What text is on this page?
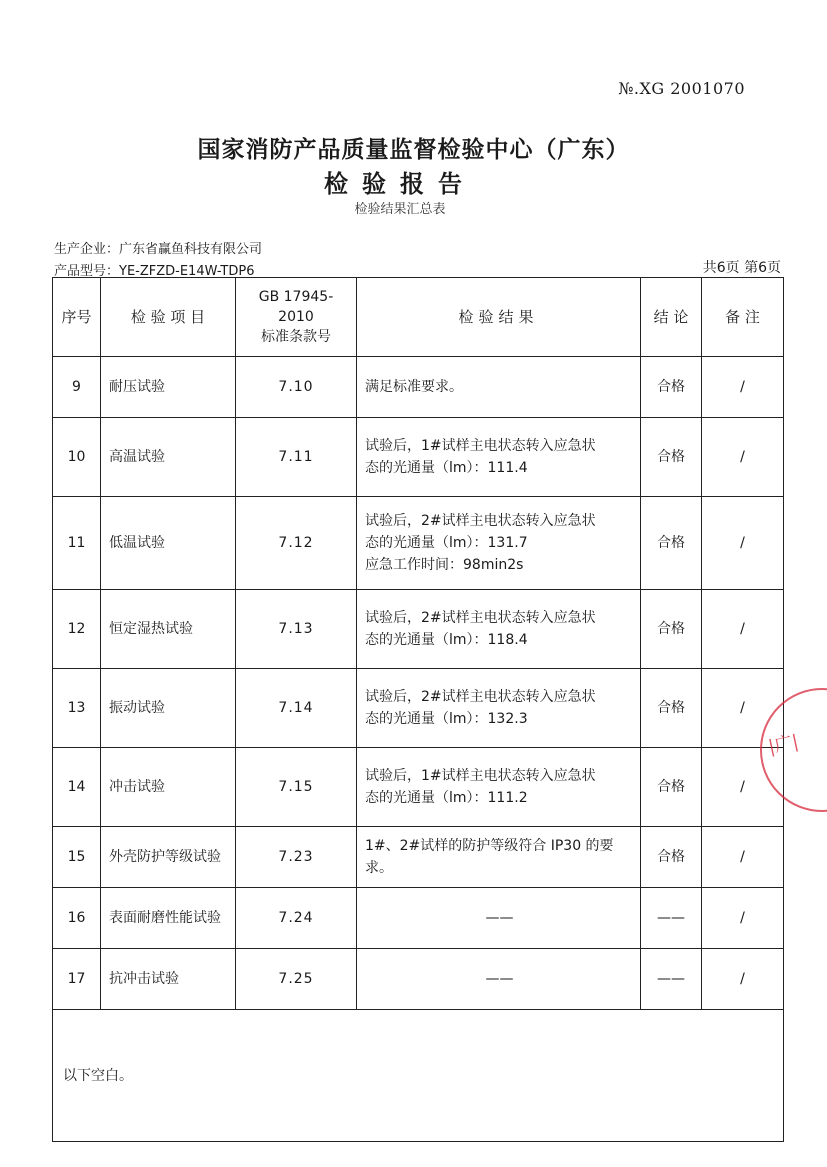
№.XG 2001070
国家消防产品质量监督检验中心（广东）
检验报告
检验结果汇总表
生产企业：广东省赢鱼科技有限公司
产品型号：YE-ZFZD-E14W-TDP6	共6页 第6页
序号	检 验 项 目	GB 17945-2010
标准条款号	检验结果	结 论	备 注
9	耐压试验	7.10	满足标准要求。	合格	/
10	高温试验	7.11	试验后，1#试样主电状态转入应急状
态的光通量（lm）：111.4	合格	/
11	低温试验	7.12	试验后，2#试样主电状态转入应急状
态的光通量（lm）：131.7
应急工作时间：98min2s	合格	/
12	恒定湿热试验	7.13	试验后，2#试样主电状态转入应急状
态的光通量（lm）：118.4	合格	/
13	振动试验	7.14	试验后，2#试样主电状态转入应急状
态的光通量（lm）：132.3	合格	/
14	冲击试验	7.15	试验后，1#试样主电状态转入应急状
态的光通量（lm）：111.2	合格	/
15	外壳防护等级试验	7.23	1#、2#试样的防护等级符合 IP30 的要
求。	合格	/
16	表面耐磨性能试验	7.24	——	——	/
17	抗冲击试验	7.25	——	——	/
以下空白。					
|广|
